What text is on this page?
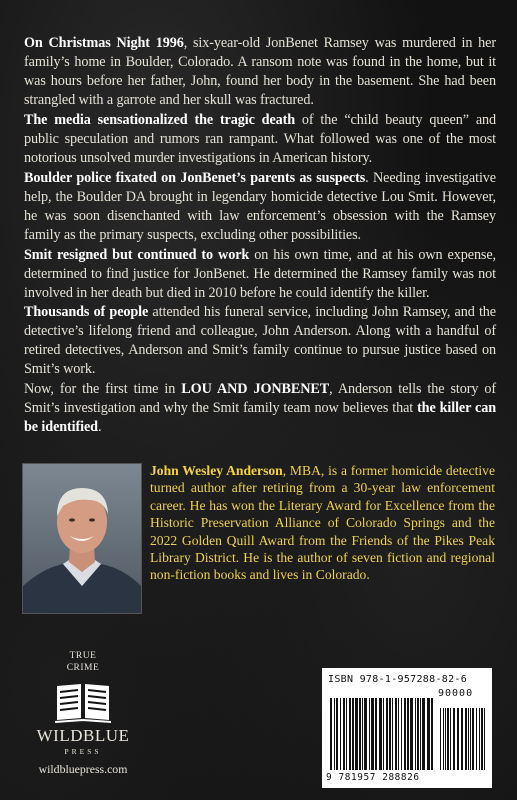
On Christmas Night 1996, six-year-old JonBenet Ramsey was murdered in her family’s home in Boulder, Colorado. A ransom note was found in the home, but it was hours before her father, John, found her body in the basement. She had been strangled with a garrote and her skull was fractured.

The media sensationalized the tragic death of the “child beauty queen” and public speculation and rumors ran rampant. What followed was one of the most notorious unsolved murder investigations in American history.

Boulder police fixated on JonBenet’s parents as suspects. Needing investigative help, the Boulder DA brought in legendary homicide detective Lou Smit. However, he was soon disenchanted with law enforcement’s obsession with the Ramsey family as the primary suspects, excluding other possibilities.

Smit resigned but continued to work on his own time, and at his own expense, determined to find justice for JonBenet. He determined the Ramsey family was not involved in her death but died in 2010 before he could identify the killer.

Thousands of people attended his funeral service, including John Ramsey, and the detective’s lifelong friend and colleague, John Anderson. Along with a handful of retired detectives, Anderson and Smit’s family continue to pursue justice based on Smit’s work.

Now, for the first time in LOU AND JONBENET, Anderson tells the story of Smit’s investigation and why the Smit family team now believes that the killer can be identified.

John Wesley Anderson, MBA, is a former homicide detective turned author after retiring from a 30-year law enforcement career. He has won the Literary Award for Excellence from the Historic Preservation Alliance of Colorado Springs and the 2022 Golden Quill Award from the Friends of the Pikes Peak Library District. He is the author of seven fiction and regional non-fiction books and lives in Colorado.

TRUE
CRIME
WILDBLUE
PRESS
wildbluepress.com
ISBN 978-1-957288-82-6
90000
9 781957 288826
